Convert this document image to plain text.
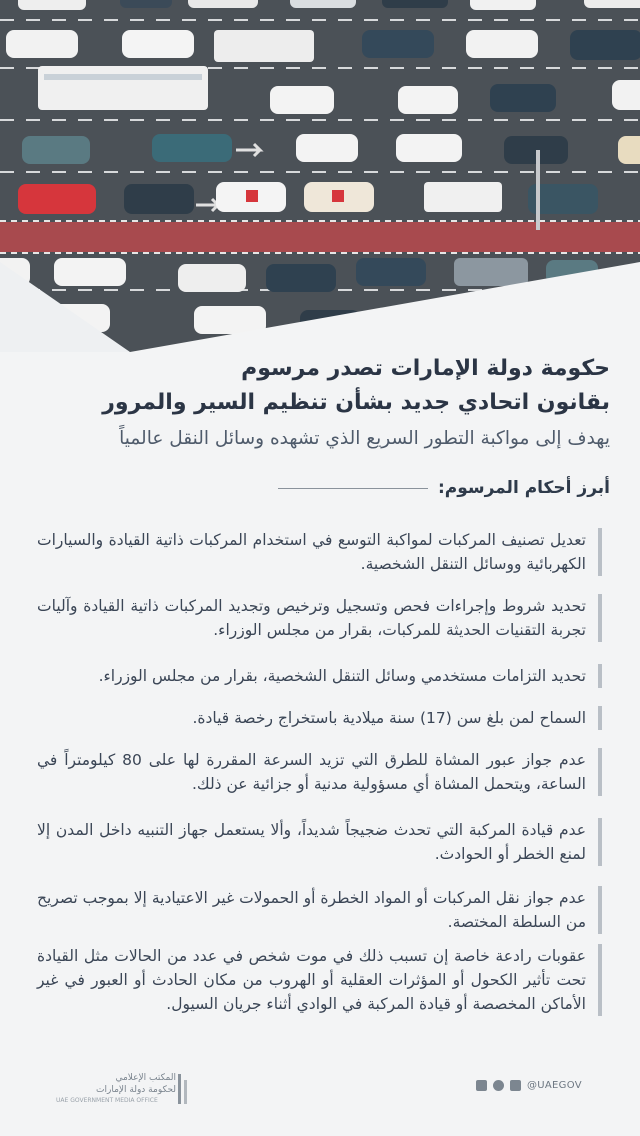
حكومة دولة الإمارات تصدر مرسوم
بقانون اتحادي جديد بشأن تنظيم السير والمرور
يهدف إلى مواكبة التطور السريع الذي تشهده وسائل النقل عالمياً
أبرز أحكام المرسوم:
تعديل تصنيف المركبات لمواكبة التوسع في استخدام المركبات ذاتية القيادة والسيارات الكهربائية ووسائل التنقل الشخصية.
تحديد شروط وإجراءات فحص وتسجيل وترخيص وتجديد المركبات ذاتية القيادة وآليات تجربة التقنيات الحديثة للمركبات، بقرار من مجلس الوزراء.
تحديد التزامات مستخدمي وسائل التنقل الشخصية، بقرار من مجلس الوزراء.
السماح لمن بلغ سن (17) سنة ميلادية باستخراج رخصة قيادة.
عدم جواز عبور المشاة للطرق التي تزيد السرعة المقررة لها على 80 كيلومتراً في الساعة، ويتحمل المشاة أي مسؤولية مدنية أو جزائية عن ذلك.
عدم قيادة المركبة التي تحدث ضجيجاً شديداً، وألا يستعمل جهاز التنبيه داخل المدن إلا لمنع الخطر أو الحوادث.
عدم جواز نقل المركبات أو المواد الخطرة أو الحمولات غير الاعتيادية إلا بموجب تصريح من السلطة المختصة.
عقوبات رادعة خاصة إن تسبب ذلك في موت شخص في عدد من الحالات مثل القيادة تحت تأثير الكحول أو المؤثرات العقلية أو الهروب من مكان الحادث أو العبور في غير الأماكن المخصصة أو قيادة المركبة في الوادي أثناء جريان السيول.
@UAEGOV
المكتب الإعلامي
لحكومة دولة الإمارات
UAE GOVERNMENT MEDIA OFFICE
